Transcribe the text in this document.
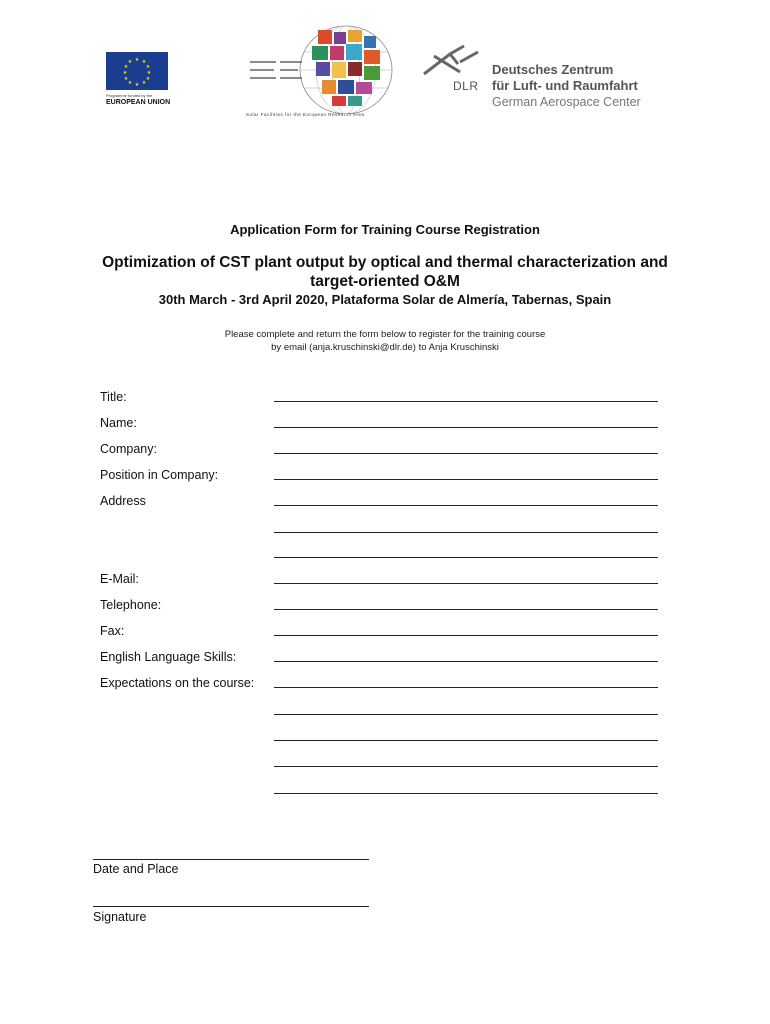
★ ★
★
★
★
★
★
★
★
★
★
★
Programme funded by the
EUROPEAN UNION
Solar Facilities for the European Research Area
DLR
Deutsches Zentrum
für Luft- und Raumfahrt
German Aerospace Center
Application Form for Training Course Registration
Optimization of CST plant output by optical and thermal characterization and target-oriented O&M
30th March - 3rd April 2020, Plataforma Solar de Almería, Tabernas, Spain
Please complete and return the form below to register for the training course
by email (anja.kruschinski@dlr.de) to Anja Kruschinski
Title:
Name:
Company:
Position in Company:
Address
E-Mail:
Telephone:
Fax:
English Language Skills:
Expectations on the course:
Date and Place
Signature
